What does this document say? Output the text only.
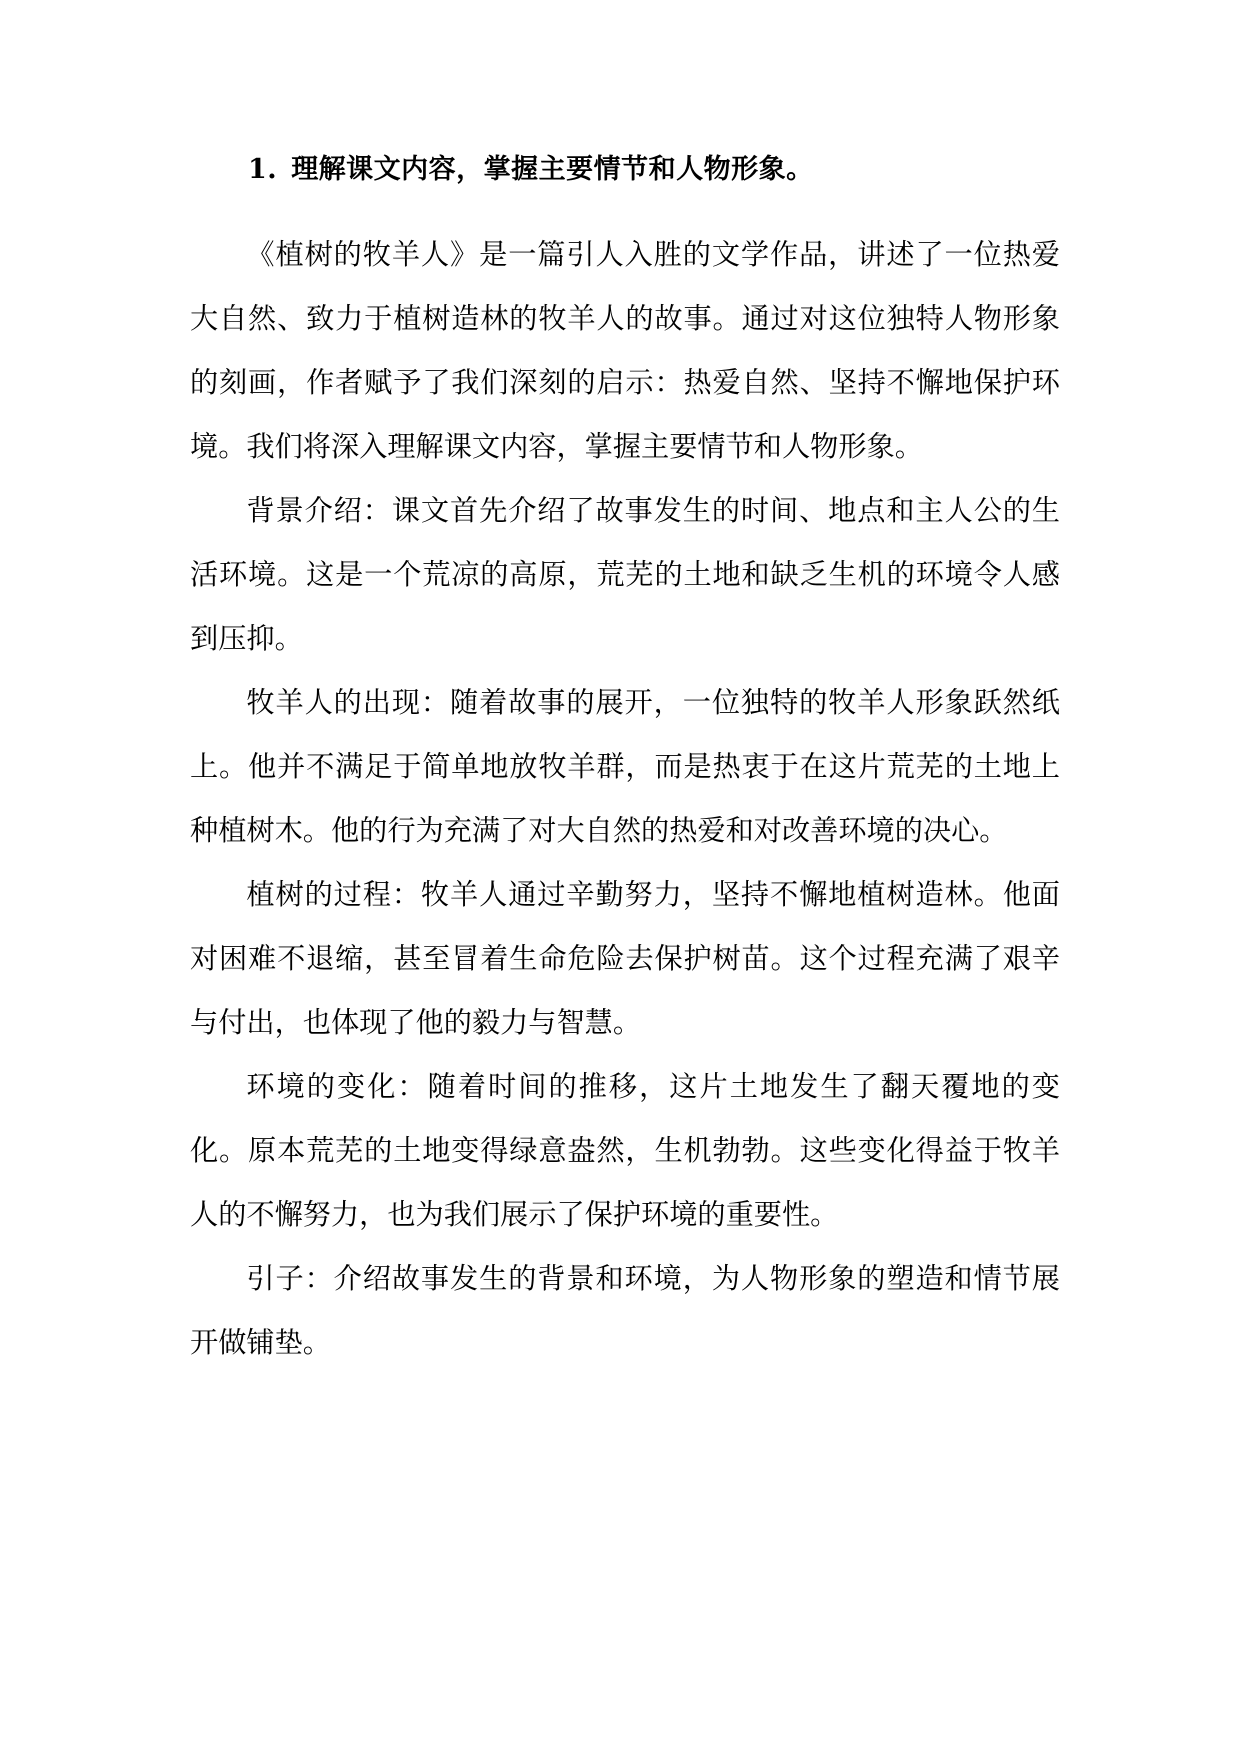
1. 理解课文内容，掌握主要情节和人物形象。

《植树的牧羊人》是一篇引人入胜的文学作品，讲述了一位热爱大自然、致力于植树造林的牧羊人的故事。通过对这位独特人物形象的刻画，作者赋予了我们深刻的启示：热爱自然、坚持不懈地保护环境。我们将深入理解课文内容，掌握主要情节和人物形象。

背景介绍：课文首先介绍了故事发生的时间、地点和主人公的生活环境。这是一个荒凉的高原，荒芜的土地和缺乏生机的环境令人感到压抑。

牧羊人的出现：随着故事的展开，一位独特的牧羊人形象跃然纸上。他并不满足于简单地放牧羊群，而是热衷于在这片荒芜的土地上种植树木。他的行为充满了对大自然的热爱和对改善环境的决心。

植树的过程：牧羊人通过辛勤努力，坚持不懈地植树造林。他面对困难不退缩，甚至冒着生命危险去保护树苗。这个过程充满了艰辛与付出，也体现了他的毅力与智慧。

环境的变化：随着时间的推移，这片土地发生了翻天覆地的变化。原本荒芜的土地变得绿意盎然，生机勃勃。这些变化得益于牧羊人的不懈努力，也为我们展示了保护环境的重要性。

引子：介绍故事发生的背景和环境，为人物形象的塑造和情节展开做铺垫。
